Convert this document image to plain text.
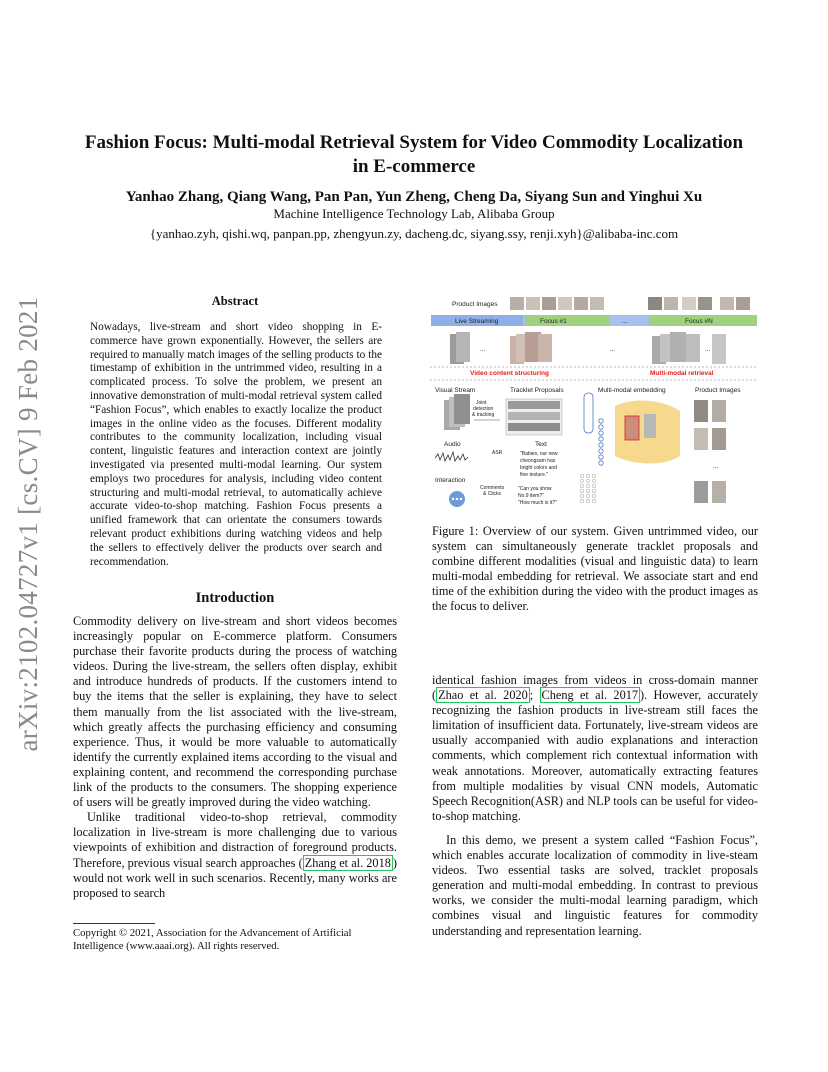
arXiv:2102.04727v1 [cs.CV] 9 Feb 2021
Fashion Focus: Multi-modal Retrieval System for Video Commodity Localization
in E-commerce
Yanhao Zhang, Qiang Wang, Pan Pan, Yun Zheng, Cheng Da, Siyang Sun and Yinghui Xu
Machine Intelligence Technology Lab, Alibaba Group
{yanhao.zyh, qishi.wq, panpan.pp, zhengyun.zy, dacheng.dc, siyang.ssy, renji.xyh}@alibaba-inc.com
Abstract

Nowadays, live-stream and short video shopping in E-commerce have grown exponentially. However, the sellers are required to manually match images of the selling products to the timestamp of exhibition in the untrimmed video, resulting in a complicated process. To solve the problem, we present an innovative demonstration of multi-modal retrieval system called “Fashion Focus”, which enables to exactly localize the product images in the online video as the focuses. Different modality contributes to the community localization, including visual content, linguistic features and interaction context are jointly investigated via presented multi-modal learning. Our system employs two procedures for analysis, including video content structuring and multi-modal retrieval, to automatically achieve accurate video-to-shop matching. Fashion Focus presents a unified framework that can orientate the consumers towards relevant product exhibitions during watching videos and help the sellers to effectively deliver the products over search and recommendation.

Introduction

Commodity delivery on live-stream and short videos becomes increasingly popular on E-commerce platform. Consumers purchase their favorite products during the process of watching videos. During the live-stream, the sellers often display, exhibit and introduce hundreds of products. If the customers intend to buy the items that the seller is explaining, they have to select them manually from the list associated with the live-stream, which greatly affects the purchasing efficiency and consuming experience. Thus, it would be more valuable to automatically identify the currently explained items according to the visual and explaining content, and recommend the corresponding purchase link of the products to the consumers. The shopping experience of users will be greatly improved during the video watching.

Unlike traditional video-to-shop retrieval, commodity localization in live-stream is more challenging due to various viewpoints of exhibition and distraction of foreground products. Therefore, previous visual search approaches ( Zhang et al. 2018 ) would not work well in such scenarios. Recently, many works are proposed to search

Copyright © 2021, Association for the Advancement of Artificial Intelligence (www.aaai.org). All rights reserved.
Product Images
Live Streaming	Focus #1	...	Focus #N
...	...	...
Video content structuring	Multi-modal retrieval
Visual Stream	Tracklet Proposals	Multi-modal embedding	Product Images
Joint
detection
& tracking
...
Audio
ASR
Text
"Babies, our new
cheongsam has
bright colors and
fine texture."
Interaction
Comments
& Clicks
"Can you show
No.9 item?"
"How much is it?"
Figure 1: Overview of our system. Given untrimmed video, our system can simultaneously generate tracklet proposals and combine different modalities (visual and linguistic data) to learn multi-modal embedding for retrieval. We associate start and end time of the exhibition during the video with the product images as the focus to deliver.

identical fashion images from videos in cross-domain manner ( Zhao et al. 2020 ; Cheng et al. 2017 ). However, accurately recognizing the fashion products in live-stream still faces the limitation of insufficient data. Fortunately, live-stream videos are usually accompanied with audio explanations and interaction comments, which complement rich contextual information with weak annotations. Moreover, automatically extracting features from multiple modalities by visual CNN models, Automatic Speech Recognition(ASR) and NLP tools can be useful for video-to-shop matching.

In this demo, we present a system called “Fashion Focus”, which enables accurate localization of commodity in live-steam videos. Two essential tasks are solved, tracklet proposals generation and multi-modal embedding. In contrast to previous works, we consider the multi-modal learning paradigm, which combines visual and linguistic features for commodity understanding and representation learning.
